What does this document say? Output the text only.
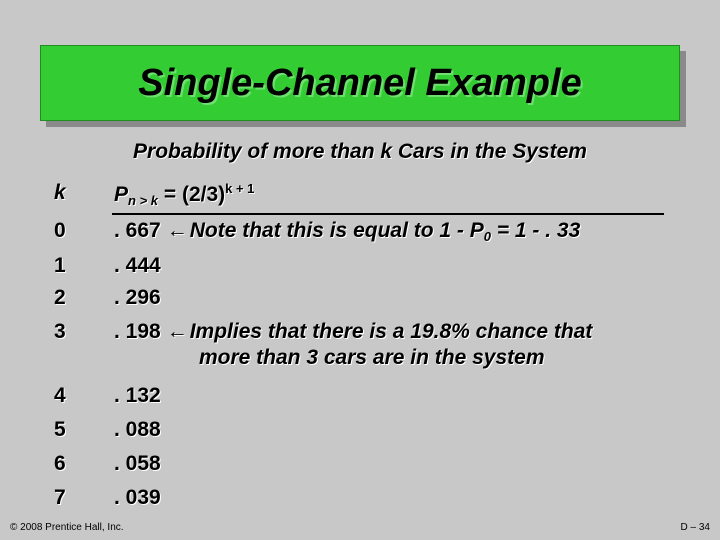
Single-Channel Example
Probability of more than k Cars in the System
k	$P_{n > k} = (2/3)^{k + 1}$
0	. 667 ←Note that this is equal to $1 - P_0 = 1$ - . 33
1	. 444
2	. 296
3	. 198 ←Implies that there is a 19.8% chance that
more than 3 cars are in the system
4	. 132
5	. 088
6	. 058
7	. 039
© 2008 Prentice Hall, Inc.	D – 34
